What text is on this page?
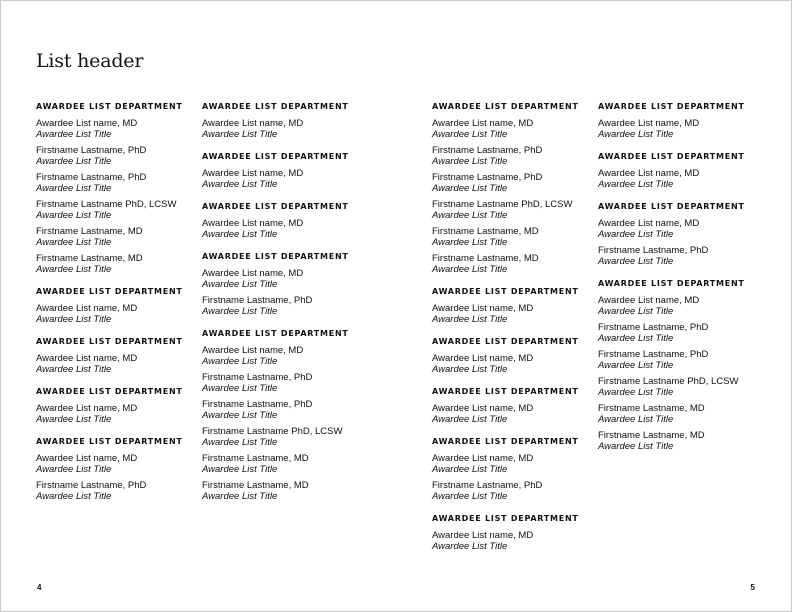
List header
AWARDEE LIST DEPARTMENT
Awardee List name, MD
Awardee List Title
Firstname Lastname, PhD
Awardee List Title
Firstname Lastname, PhD
Awardee List Title
Firstname Lastname PhD, LCSW
Awardee List Title
Firstname Lastname, MD
Awardee List Title
Firstname Lastname, MD
Awardee List Title
AWARDEE LIST DEPARTMENT
Awardee List name, MD
Awardee List Title
AWARDEE LIST DEPARTMENT
Awardee List name, MD
Awardee List Title
AWARDEE LIST DEPARTMENT
Awardee List name, MD
Awardee List Title
AWARDEE LIST DEPARTMENT
Awardee List name, MD
Awardee List Title
Firstname Lastname, PhD
Awardee List Title
AWARDEE LIST DEPARTMENT
Awardee List name, MD
Awardee List Title
AWARDEE LIST DEPARTMENT
Awardee List name, MD
Awardee List Title
AWARDEE LIST DEPARTMENT
Awardee List name, MD
Awardee List Title
AWARDEE LIST DEPARTMENT
Awardee List name, MD
Awardee List Title
Firstname Lastname, PhD
Awardee List Title
AWARDEE LIST DEPARTMENT
Awardee List name, MD
Awardee List Title
Firstname Lastname, PhD
Awardee List Title
Firstname Lastname, PhD
Awardee List Title
Firstname Lastname PhD, LCSW
Awardee List Title
Firstname Lastname, MD
Awardee List Title
Firstname Lastname, MD
Awardee List Title
AWARDEE LIST DEPARTMENT
Awardee List name, MD
Awardee List Title
Firstname Lastname, PhD
Awardee List Title
Firstname Lastname, PhD
Awardee List Title
Firstname Lastname PhD, LCSW
Awardee List Title
Firstname Lastname, MD
Awardee List Title
Firstname Lastname, MD
Awardee List Title
AWARDEE LIST DEPARTMENT
Awardee List name, MD
Awardee List Title
AWARDEE LIST DEPARTMENT
Awardee List name, MD
Awardee List Title
AWARDEE LIST DEPARTMENT
Awardee List name, MD
Awardee List Title
AWARDEE LIST DEPARTMENT
Awardee List name, MD
Awardee List Title
Firstname Lastname, PhD
Awardee List Title
AWARDEE LIST DEPARTMENT
Awardee List name, MD
Awardee List Title
AWARDEE LIST DEPARTMENT
Awardee List name, MD
Awardee List Title
AWARDEE LIST DEPARTMENT
Awardee List name, MD
Awardee List Title
AWARDEE LIST DEPARTMENT
Awardee List name, MD
Awardee List Title
Firstname Lastname, PhD
Awardee List Title
AWARDEE LIST DEPARTMENT
Awardee List name, MD
Awardee List Title
Firstname Lastname, PhD
Awardee List Title
Firstname Lastname, PhD
Awardee List Title
Firstname Lastname PhD, LCSW
Awardee List Title
Firstname Lastname, MD
Awardee List Title
Firstname Lastname, MD
Awardee List Title
4	5
